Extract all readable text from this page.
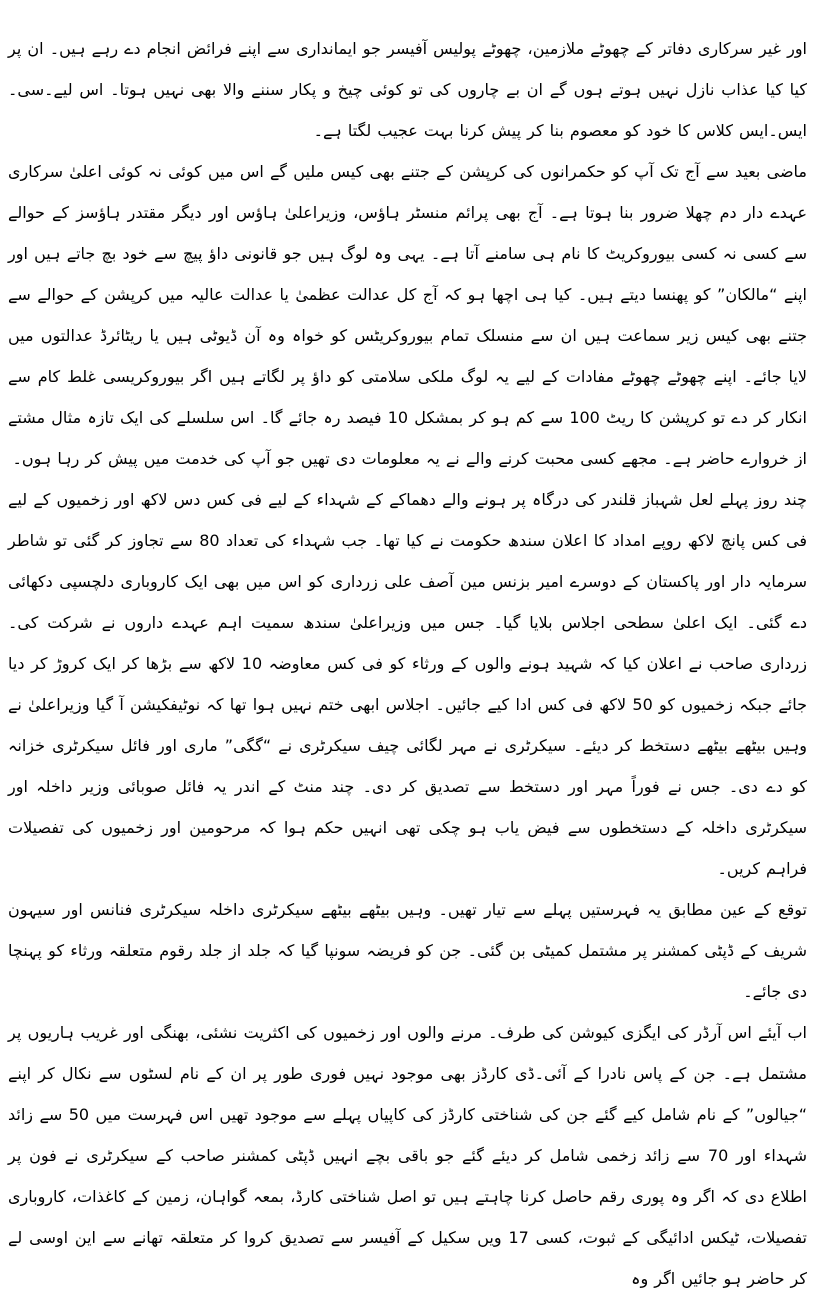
اور غیر سرکاری دفاتر کے چھوٹے ملازمین، چھوٹے پولیس آفیسر جو ایمانداری سے اپنے فرائض انجام دے رہے ہیں۔ ان پر کیا کیا عذاب نازل نہیں ہوتے ہوں گے ان بے چاروں کی تو کوئی چیخ و پکار سننے والا بھی نہیں ہوتا۔ اس لیے۔سی۔ایس۔ایس کلاس کا خود کو معصوم بنا کر پیش کرنا بہت عجیب لگتا ہے۔

ماضی بعید سے آج تک آپ کو حکمرانوں کی کرپشن کے جتنے بھی کیس ملیں گے اس میں کوئی نہ کوئی اعلیٰ سرکاری عہدے دار دم چھلا ضرور بنا ہوتا ہے۔ آج بھی پرائم منسٹر ہاؤس، وزیراعلیٰ ہاؤس اور دیگر مقتدر ہاؤسز کے حوالے سے کسی نہ کسی بیوروکریٹ کا نام ہی سامنے آتا ہے۔ یہی وہ لوگ ہیں جو قانونی داؤ پیچ سے خود بچ جاتے ہیں اور اپنے “مالکان” کو پھنسا دیتے ہیں۔ کیا ہی اچھا ہو کہ آج کل عدالت عظمیٰ یا عدالت عالیہ میں کرپشن کے حوالے سے جتنے بھی کیس زیر سماعت ہیں ان سے منسلک تمام بیوروکریٹس کو خواہ وہ آن ڈیوٹی ہیں یا ریٹائرڈ عدالتوں میں لایا جائے۔ اپنے چھوٹے چھوٹے مفادات کے لیے یہ لوگ ملکی سلامتی کو داؤ پر لگاتے ہیں اگر بیوروکریسی غلط کام سے انکار کر دے تو کرپشن کا ریٹ 100 سے کم ہو کر بمشکل 10 فیصد رہ جائے گا۔ اس سلسلے کی ایک تازہ مثال مشتے از خروارے حاضر ہے۔ مجھے کسی محبت کرنے والے نے یہ معلومات دی تھیں جو آپ کی خدمت میں پیش کر رہا ہوں۔

چند روز پہلے لعل شہباز قلندر کی درگاہ پر ہونے والے دھماکے کے شہداء کے لیے فی کس دس لاکھ اور زخمیوں کے لیے فی کس پانچ لاکھ روپے امداد کا اعلان سندھ حکومت نے کیا تھا۔ جب شہداء کی تعداد 80 سے تجاوز کر گئی تو شاطر سرمایہ دار اور پاکستان کے دوسرے امیر بزنس مین آصف علی زرداری کو اس میں بھی ایک کاروباری دلچسپی دکھائی دے گئی۔ ایک اعلیٰ سطحی اجلاس بلایا گیا۔ جس میں وزیراعلیٰ سندھ سمیت اہم عہدے داروں نے شرکت کی۔ زرداری صاحب نے اعلان کیا کہ شہید ہونے والوں کے ورثاء کو فی کس معاوضہ 10 لاکھ سے بڑھا کر ایک کروڑ کر دیا جائے جبکہ زخمیوں کو 50 لاکھ فی کس ادا کیے جائیں۔ اجلاس ابھی ختم نہیں ہوا تھا کہ نوٹیفکیشن آ گیا وزیراعلیٰ نے وہیں بیٹھے بیٹھے دستخط کر دیئے۔ سیکرٹری نے مہر لگائی چیف سیکرٹری نے “گگی” ماری اور فائل سیکرٹری خزانہ کو دے دی۔ جس نے فوراً مہر اور دستخط سے تصدیق کر دی۔ چند منٹ کے اندر یہ فائل صوبائی وزیر داخلہ اور سیکرٹری داخلہ کے دستخطوں سے فیض یاب ہو چکی تھی انہیں حکم ہوا کہ مرحومین اور زخمیوں کی تفصیلات فراہم کریں۔

توقع کے عین مطابق یہ فہرستیں پہلے سے تیار تھیں۔ وہیں بیٹھے بیٹھے سیکرٹری داخلہ سیکرٹری فنانس اور سیہون شریف کے ڈپٹی کمشنر پر مشتمل کمیٹی بن گئی۔ جن کو فریضہ سونپا گیا کہ جلد از جلد رقوم متعلقہ ورثاء کو پہنچا دی جائے۔

اب آیئے اس آرڈر کی ایگزی کیوشن کی طرف۔ مرنے والوں اور زخمیوں کی اکثریت نشئی، بھنگی اور غریب ہاریوں پر مشتمل ہے۔ جن کے پاس نادرا کے آئی۔ڈی کارڈز بھی موجود نہیں فوری طور پر ان کے نام لسٹوں سے نکال کر اپنے “جیالوں” کے نام شامل کیے گئے جن کی شناختی کارڈز کی کاپیاں پہلے سے موجود تھیں اس فہرست میں 50 سے زائد شہداء اور 70 سے زائد زخمی شامل کر دیئے گئے جو باقی بچے انہیں ڈپٹی کمشنر صاحب کے سیکرٹری نے فون پر اطلاع دی کہ اگر وہ پوری رقم حاصل کرنا چاہتے ہیں تو اصل شناختی کارڈ، بمعہ گواہان، زمین کے کاغذات، کاروباری تفصیلات، ٹیکس ادائیگی کے ثبوت، کسی 17 ویں سکیل کے آفیسر سے تصدیق کروا کر متعلقہ تھانے سے این اوسی لے کر حاضر ہو جائیں اگر وہ
